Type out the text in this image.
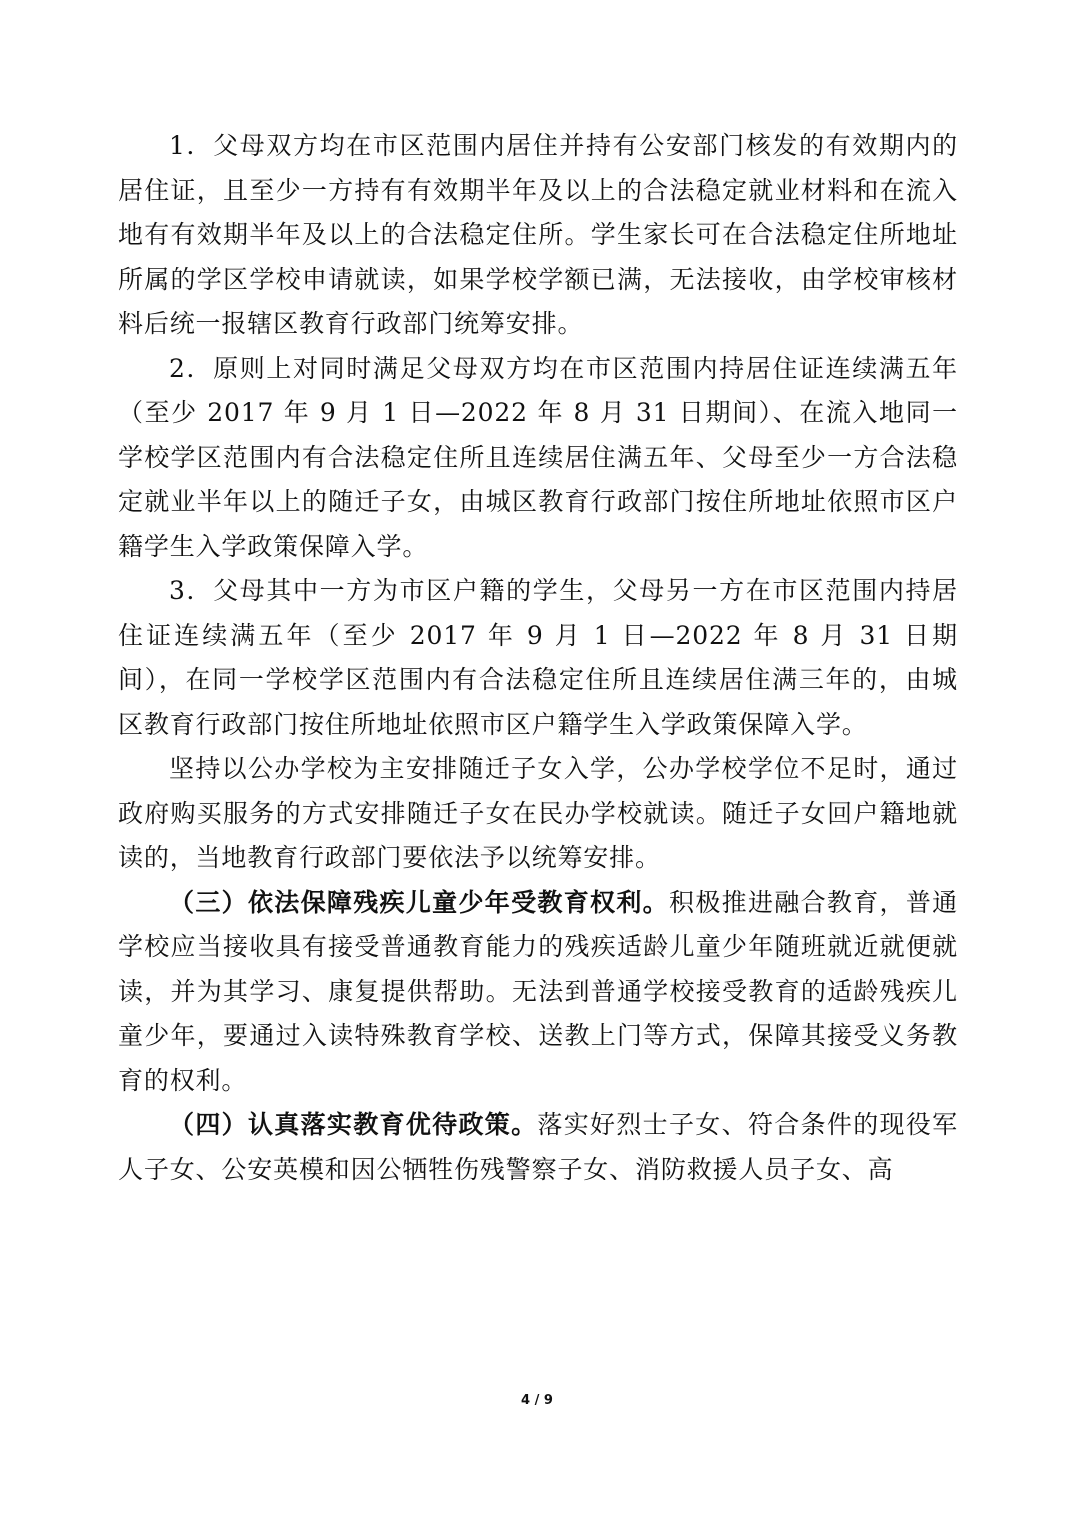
1．父母双方均在市区范围内居住并持有公安部门核发的有效期内的居住证，且至少一方持有有效期半年及以上的合法稳定就业材料和在流入地有有效期半年及以上的合法稳定住所。学生家长可在合法稳定住所地址所属的学区学校申请就读，如果学校学额已满，无法接收，由学校审核材料后统一报辖区教育行政部门统筹安排。

2．原则上对同时满足父母双方均在市区范围内持居住证连续满五年（至少 2017 年 9 月 1 日—2022 年 8 月 31 日期间）、在流入地同一学校学区范围内有合法稳定住所且连续居住满五年、父母至少一方合法稳定就业半年以上的随迁子女，由城区教育行政部门按住所地址依照市区户籍学生入学政策保障入学。

3．父母其中一方为市区户籍的学生，父母另一方在市区范围内持居住证连续满五年（至少 2017 年 9 月 1 日—2022 年 8 月 31 日期间），在同一学校学区范围内有合法稳定住所且连续居住满三年的，由城区教育行政部门按住所地址依照市区户籍学生入学政策保障入学。

坚持以公办学校为主安排随迁子女入学，公办学校学位不足时，通过政府购买服务的方式安排随迁子女在民办学校就读。随迁子女回户籍地就读的，当地教育行政部门要依法予以统筹安排。

（三）依法保障残疾儿童少年受教育权利。积极推进融合教育，普通学校应当接收具有接受普通教育能力的残疾适龄儿童少年随班就近就便就读，并为其学习、康复提供帮助。无法到普通学校接受教育的适龄残疾儿童少年，要通过入读特殊教育学校、送教上门等方式，保障其接受义务教育的权利。

（四）认真落实教育优待政策。落实好烈士子女、符合条件的现役军人子女、公安英模和因公牺牲伤残警察子女、消防救援人员子女、高

4 / 9
